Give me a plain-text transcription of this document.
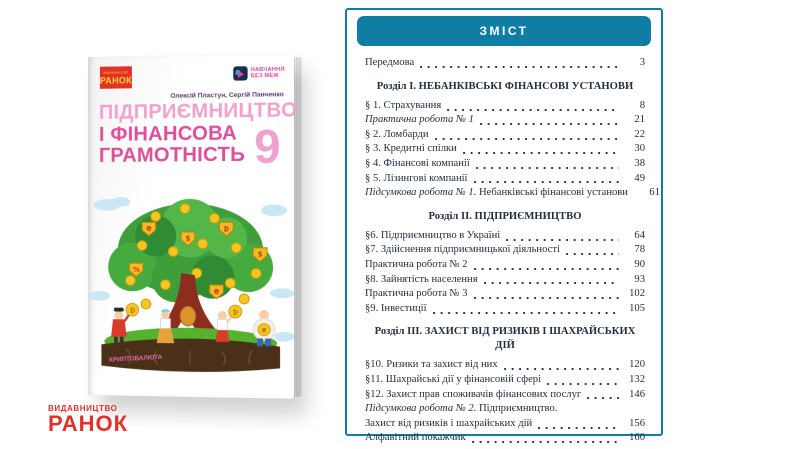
ВИДАВНИЦТВО
РАНОК
НАВЧАННЯ
БЕЗ МЕЖ
Олексій Пластун, Сергій Панченко
ПІДПРИЄМНИЦТВО
І ФІНАНСОВА
ГРАМОТНІСТЬ 9
₴
$
₿
%
₴
$
КРИПТОВАЛЮТА
₿	₿
₴
ВИДАВНИЦТВО
РАНОК
ЗМІСТ
Передмова	3
Розділ І. НЕБАНКІВСЬКІ ФІНАНСОВІ УСТАНОВИ
§ 1. Страхування	8
Практична робота № 1	21
§ 2. Ломбарди	22
§ 3. Кредитні спілки	30
§ 4. Фінансові компанії	38
§ 5. Лізингові компанії	49
Підсумкова робота № 1. Небанківські фінансові установи	61
Розділ ІІ. ПІДПРИЄМНИЦТВО
§6. Підприємництво в Україні	64
§7. Здійснення підприємницької діяльності	78
Практична робота № 2	90
§8. Зайнятість населення	93
Практична робота № 3	102
§9. Інвестиції	105
Розділ ІІІ. ЗАХИСТ ВІД РИЗИКІВ І ШАХРАЙСЬКИХ ДІЙ
§10. Ризики та захист від них	120
§11. Шахрайські дії у фінансовій сфері	132
§12. Захист прав споживачів фінансових послуг	146
Підсумкова робота № 2. Підприємництво.
Захист від ризиків і шахрайських дій	156
Алфавітний покажчик	160
